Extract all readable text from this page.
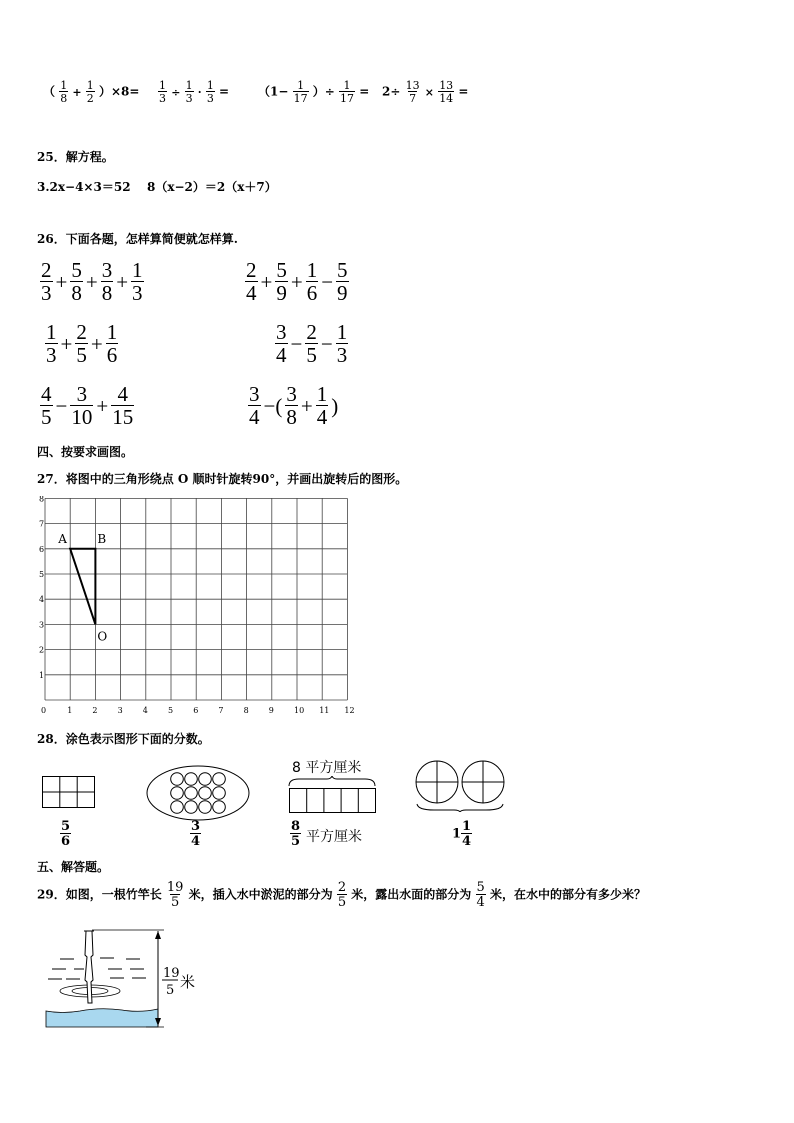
（ $\frac{1}{8} + \frac{1}{2} )\times 8= \frac{1}{3} \div \frac{1}{3} \cdot \frac{1}{3} = (1- \frac{1}{17}$ ）÷ $\frac{1}{17} = 2\div \frac{13}{7} \times \frac{13}{14}$ =
25．解方程。
3.2x−4×3＝52 8（x−2）＝2（x＋7）
26．下面各题，怎样算简便就怎样算.
$\frac{2}{3} + \frac{5}{8} + \frac{3}{8} + \frac{1}{3}$	$\frac{2}{4} + \frac{5}{9} + \frac{1}{6} - \frac{5}{9}$
$\frac{1}{3} + \frac{2}{5} + \frac{1}{6}$	$\frac{3}{4} - \frac{2}{5} - \frac{1}{3}$
$\frac{4}{5} - \frac{3}{10} + \frac{4}{15}$	$\frac{3}{4}$ −( $\frac{3}{8} + \frac{1}{4}$ )
四、按要求画图。
27．将图中的三角形绕点 O 顺时针旋转90°，并画出旋转后的图形。
0	1	2	3	4	5	6	7	8	9	10 11 12
1
2
3
4
5
6
7
8
A	B
O
28．涂色表示图形下面的分数。
$\frac{5}{6}$	$\frac{3}{4}$
8 平方厘米
$\frac{8}{5}$ 平方厘米	$1 \frac{1}{4}$
五、解答题。
29．如图，一根竹竿长 $\frac{19}{5}$ 米，插入水中淤泥的部分为 $\frac{2}{5}$ 米，露出水面的部分为 $\frac{5}{4}$ 米，在水中的部分有多少米？
19
5 米
